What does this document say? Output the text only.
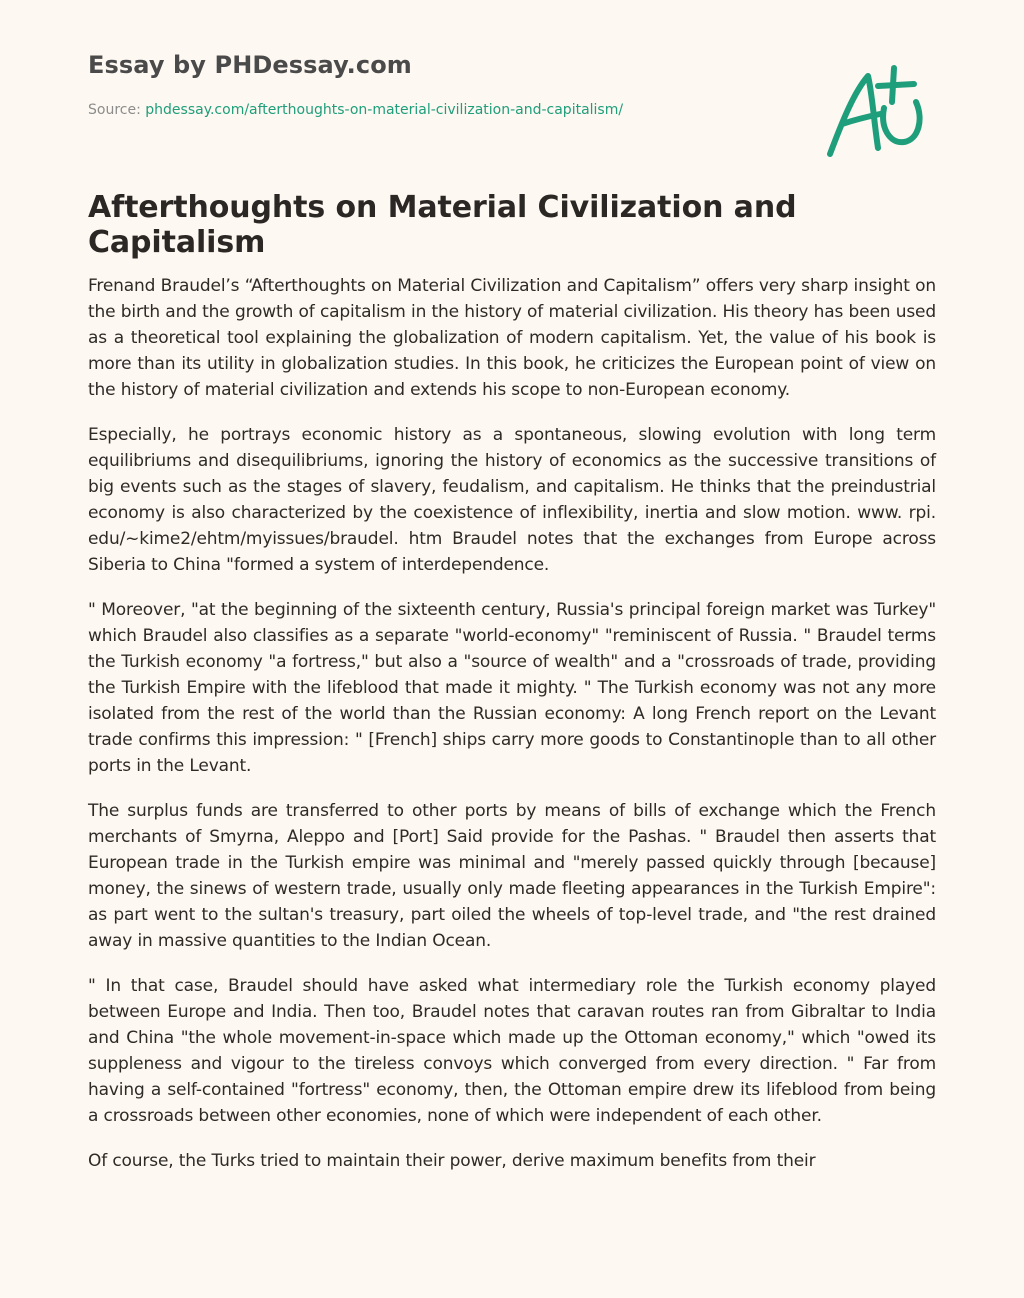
Essay by PHDessay.com
Source: phdessay.com/afterthoughts-on-material-civilization-and-capitalism/
Afterthoughts on Material Civilization and Capitalism

Frenand Braudel’s “Afterthoughts on Material Civilization and Capitalism” offers very sharp insight on the birth and the growth of capitalism in the history of material civilization. His theory has been used as a theoretical tool explaining the globalization of modern capitalism. Yet, the value of his book is more than its utility in globalization studies. In this book, he criticizes the European point of view on the history of material civilization and extends his scope to non-European economy.

Especially, he portrays economic history as a spontaneous, slowing evolution with long term equilibriums and disequilibriums, ignoring the history of economics as the successive transitions of big events such as the stages of slavery, feudalism, and capitalism. He thinks that the preindustrial economy is also characterized by the coexistence of inflexibility, inertia and slow motion. www. rpi. edu/~kime2/ehtm/myissues/braudel. htm Braudel notes that the exchanges from Europe across Siberia to China "formed a system of interdependence.

" Moreover, "at the beginning of the sixteenth century, Russia's principal foreign market was Turkey" which Braudel also classifies as a separate "world-economy" "reminiscent of Russia. " Braudel terms the Turkish economy "a fortress," but also a "source of wealth" and a "crossroads of trade, providing the Turkish Empire with the lifeblood that made it mighty. " The Turkish economy was not any more isolated from the rest of the world than the Russian economy: A long French report on the Levant trade confirms this impression: " [French] ships carry more goods to Constantinople than to all other ports in the Levant.

The surplus funds are transferred to other ports by means of bills of exchange which the French merchants of Smyrna, Aleppo and [Port] Said provide for the Pashas. " Braudel then asserts that European trade in the Turkish empire was minimal and "merely passed quickly through [because] money, the sinews of western trade, usually only made fleeting appearances in the Turkish Empire": as part went to the sultan's treasury, part oiled the wheels of top-level trade, and "the rest drained away in massive quantities to the Indian Ocean.

" In that case, Braudel should have asked what intermediary role the Turkish economy played between Europe and India. Then too, Braudel notes that caravan routes ran from Gibraltar to India and China "the whole movement-in-space which made up the Ottoman economy," which "owed its suppleness and vigour to the tireless convoys which converged from every direction. " Far from having a self-contained "fortress" economy, then, the Ottoman empire drew its lifeblood from being a crossroads between other economies, none of which were independent of each other.

Of course, the Turks tried to maintain their power, derive maximum benefits from their
